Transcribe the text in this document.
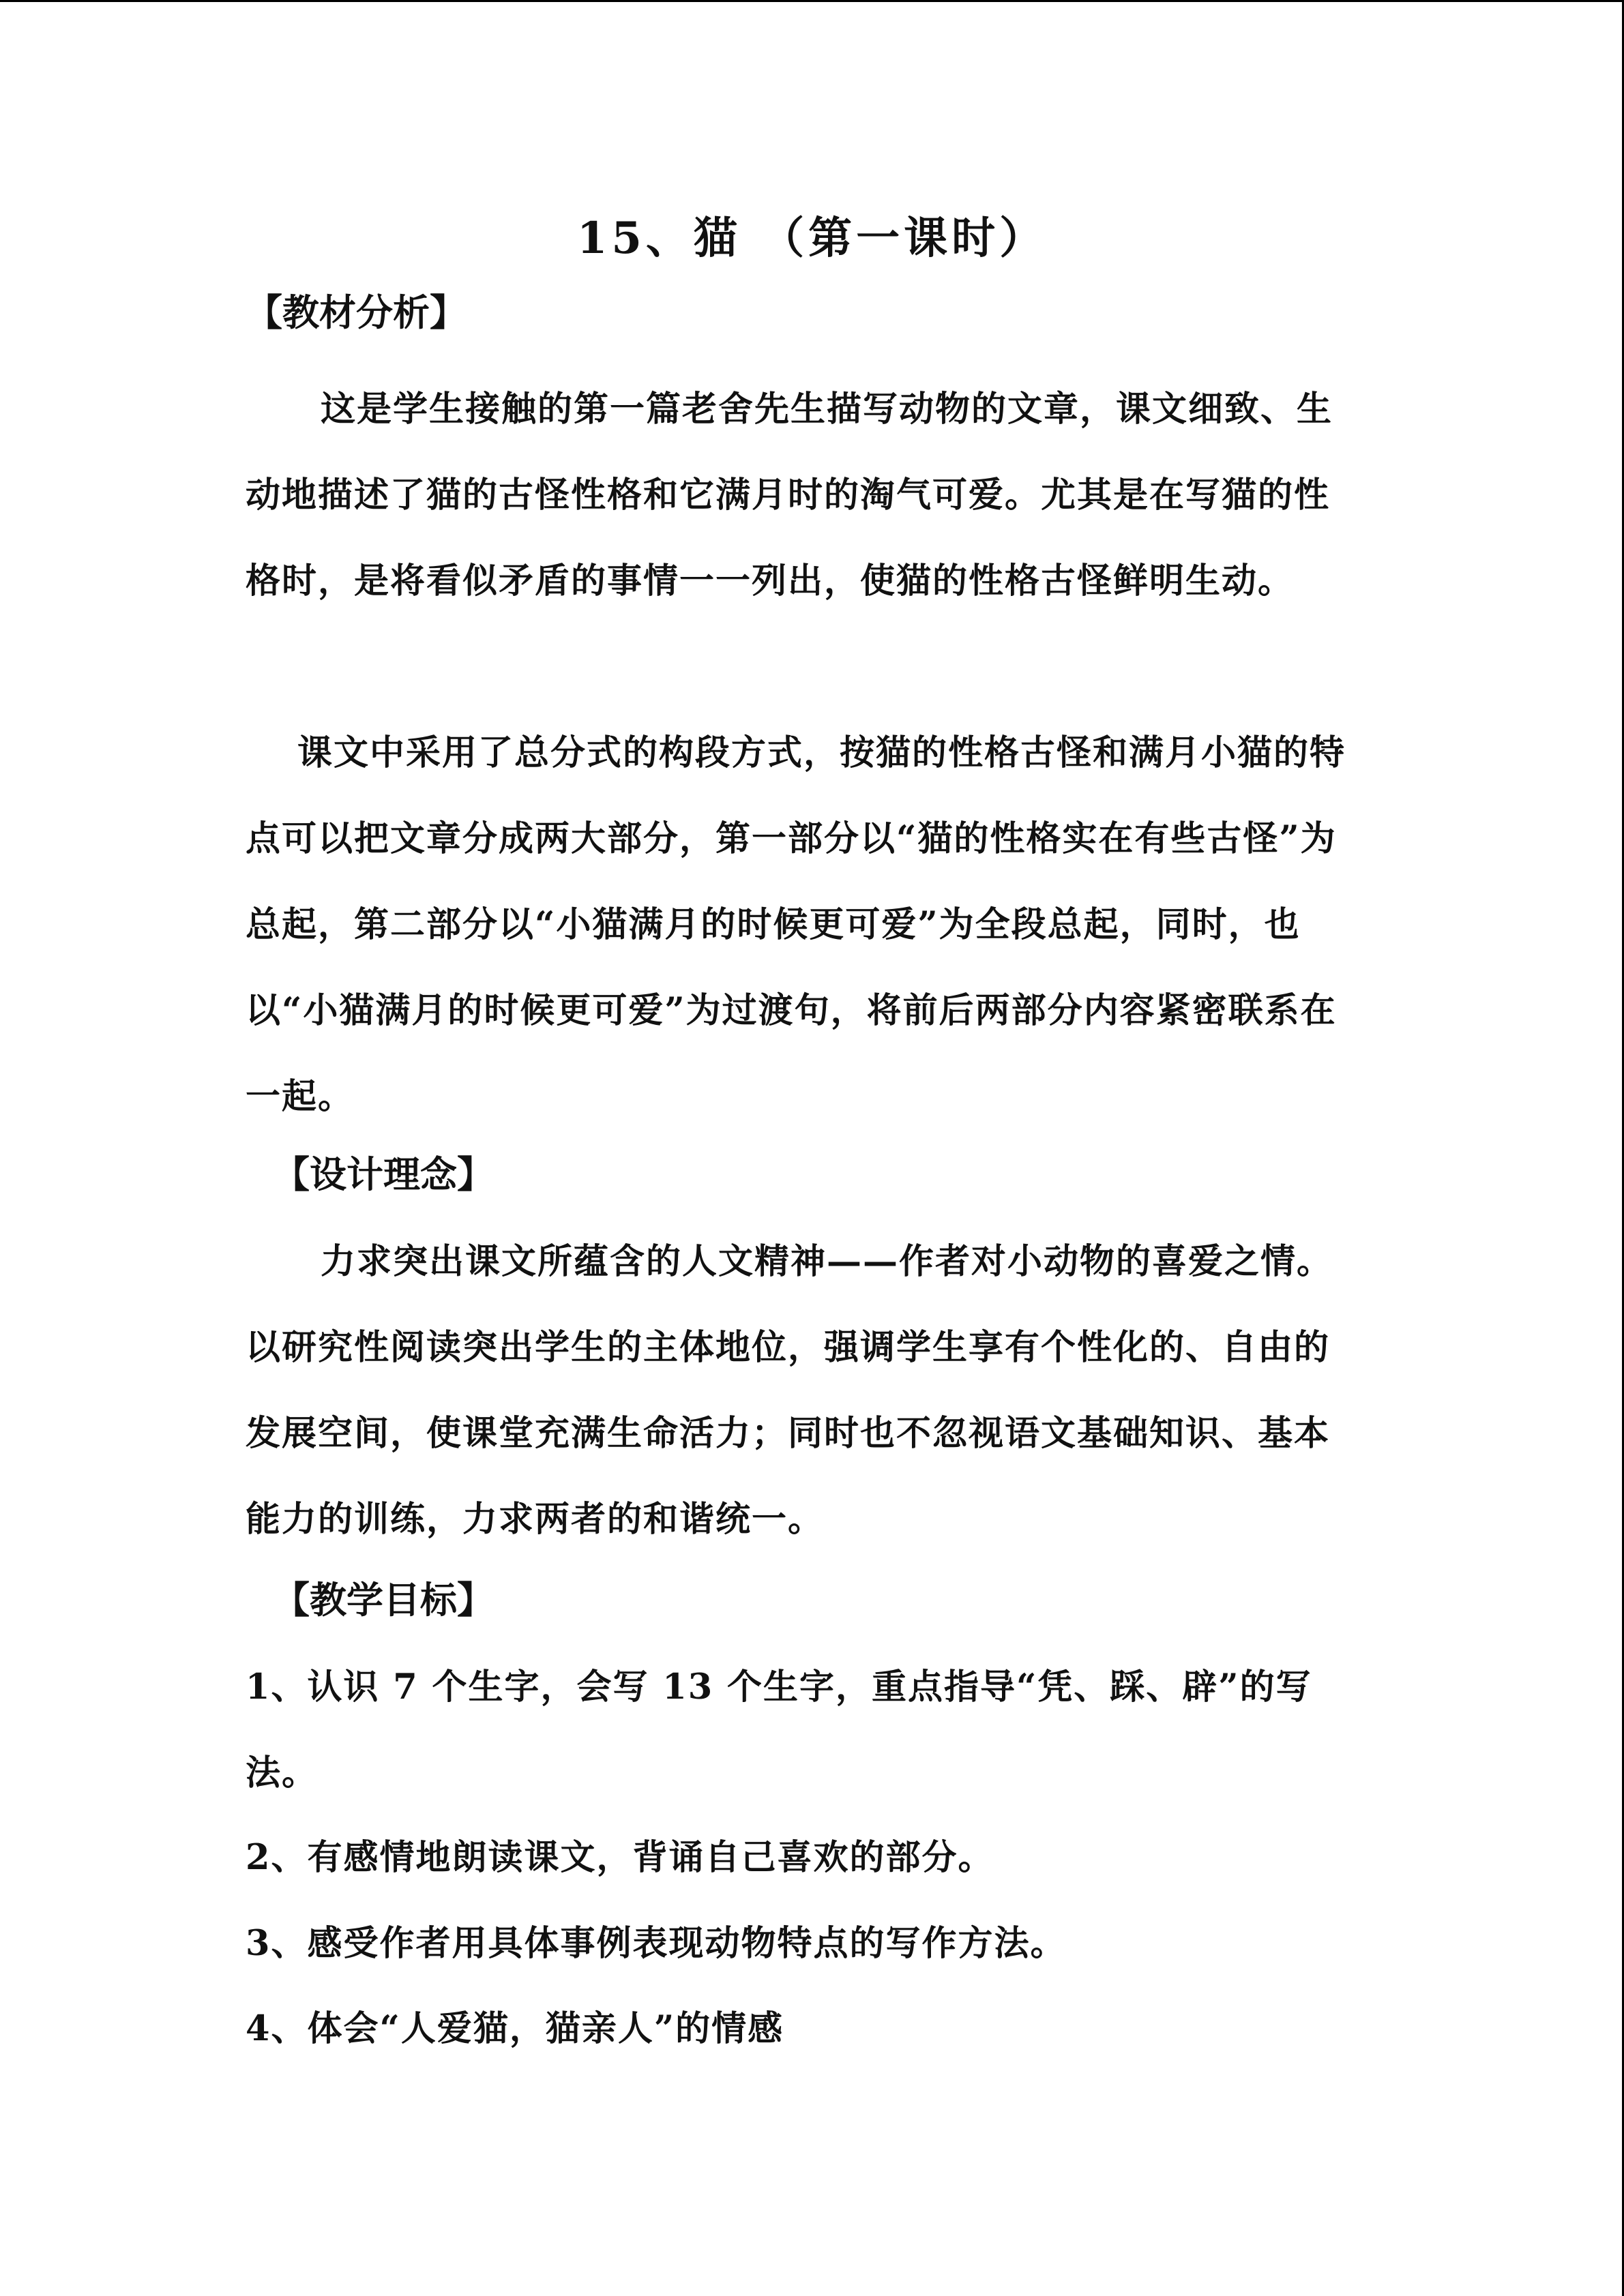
15、猫 （第一课时）
【教材分析】

这是学生接触的第一篇老舍先生描写动物的文章，课文细致、生动地描述了猫的古怪性格和它满月时的淘气可爱。尤其是在写猫的性格时，是将看似矛盾的事情一一列出，使猫的性格古怪鲜明生动。

课文中采用了总分式的构段方式，按猫的性格古怪和满月小猫的特点可以把文章分成两大部分，第一部分以“猫的性格实在有些古怪”为总起，第二部分以“小猫满月的时候更可爱”为全段总起，同时，也以“小猫满月的时候更可爱”为过渡句，将前后两部分内容紧密联系在一起。

【设计理念】

力求突出课文所蕴含的人文精神——作者对小动物的喜爱之情。以研究性阅读突出学生的主体地位，强调学生享有个性化的、自由的发展空间，使课堂充满生命活力；同时也不忽视语文基础知识、基本能力的训练，力求两者的和谐统一。

【教学目标】

1、认识 7 个生字，会写 13 个生字，重点指导“凭、踩、辟”的写法。

2、有感情地朗读课文，背诵自己喜欢的部分。
3、感受作者用具体事例表现动物特点的写作方法。
4、体会“人爱猫，猫亲人”的情感
